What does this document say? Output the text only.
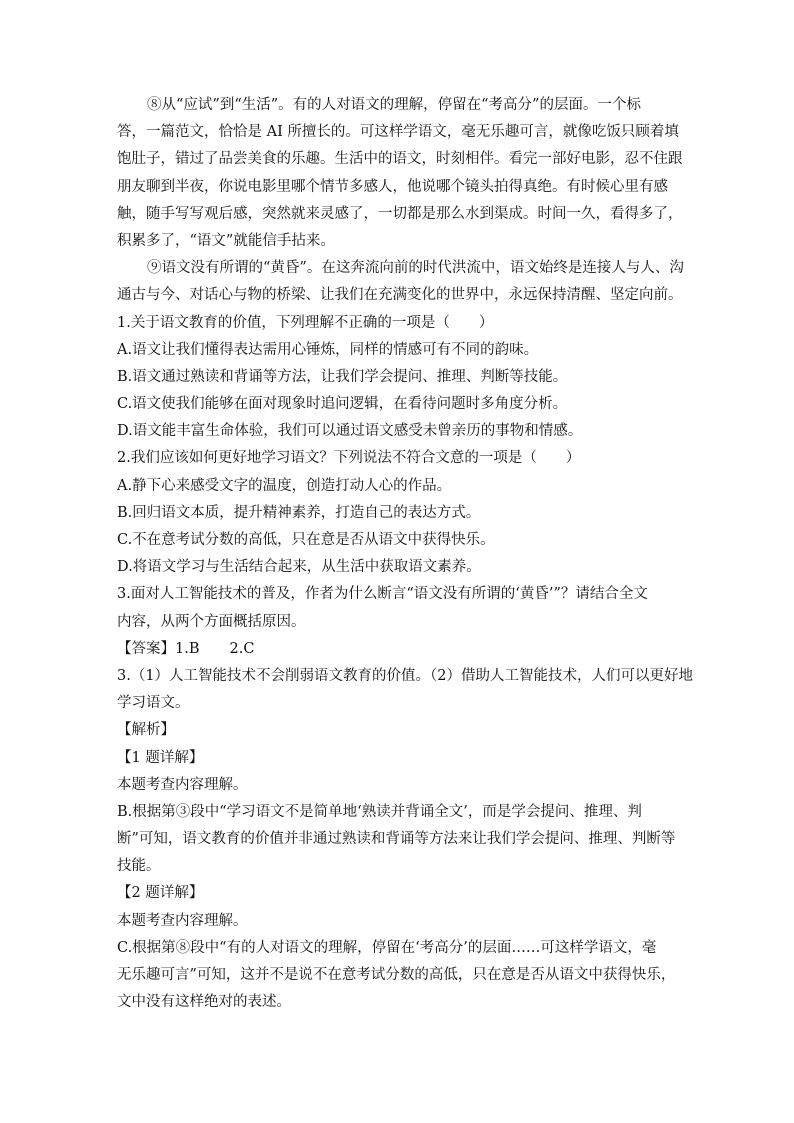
⑧从“应试”到“生活”。有的人对语文的理解，停留在“考高分”的层面。一个标
答，一篇范文，恰恰是 AI 所擅长的。可这样学语文，毫无乐趣可言，就像吃饭只顾着填
饱肚子，错过了品尝美食的乐趣。生活中的语文，时刻相伴。看完一部好电影，忍不住跟
朋友聊到半夜，你说电影里哪个情节多感人，他说哪个镜头拍得真绝。有时候心里有感
触，随手写写观后感，突然就来灵感了，一切都是那么水到渠成。时间一久，看得多了，
积累多了，“语文”就能信手拈来。
⑨语文没有所谓的“黄昏”。在这奔流向前的时代洪流中，语文始终是连接人与人、沟
通古与今、对话心与物的桥梁、让我们在充满变化的世界中，永远保持清醒、坚定向前。
1.关于语文教育的价值，下列理解不正确的一项是（　　）
A.语文让我们懂得表达需用心锤炼，同样的情感可有不同的韵味。
B.语文通过熟读和背诵等方法，让我们学会提问、推理、判断等技能。
C.语文使我们能够在面对现象时追问逻辑，在看待问题时多角度分析。
D.语文能丰富生命体验，我们可以通过语文感受未曾亲历的事物和情感。
2.我们应该如何更好地学习语文？下列说法不符合文意的一项是（　　）
A.静下心来感受文字的温度，创造打动人心的作品。
B.回归语文本质，提升精神素养，打造自己的表达方式。
C.不在意考试分数的高低，只在意是否从语文中获得快乐。
D.将语文学习与生活结合起来，从生活中获取语文素养。
3.面对人工智能技术的普及，作者为什么断言“语文没有所谓的‘黄昏’”？请结合全文
内容，从两个方面概括原因。
【答案】1.B 2.C
3.（1）人工智能技术不会削弱语文教育的价值。（2）借助人工智能技术，人们可以更好地
学习语文。
【解析】
【1 题详解】
本题考查内容理解。
B.根据第③段中“学习语文不是简单地‘熟读并背诵全文’，而是学会提问、推理、判
断”可知，语文教育的价值并非通过熟读和背诵等方法来让我们学会提问、推理、判断等
技能。
【2 题详解】
本题考查内容理解。
C.根据第⑧段中“有的人对语文的理解，停留在‘考高分’的层面……可这样学语文，毫
无乐趣可言”可知，这并不是说不在意考试分数的高低，只在意是否从语文中获得快乐，
文中没有这样绝对的表述。
